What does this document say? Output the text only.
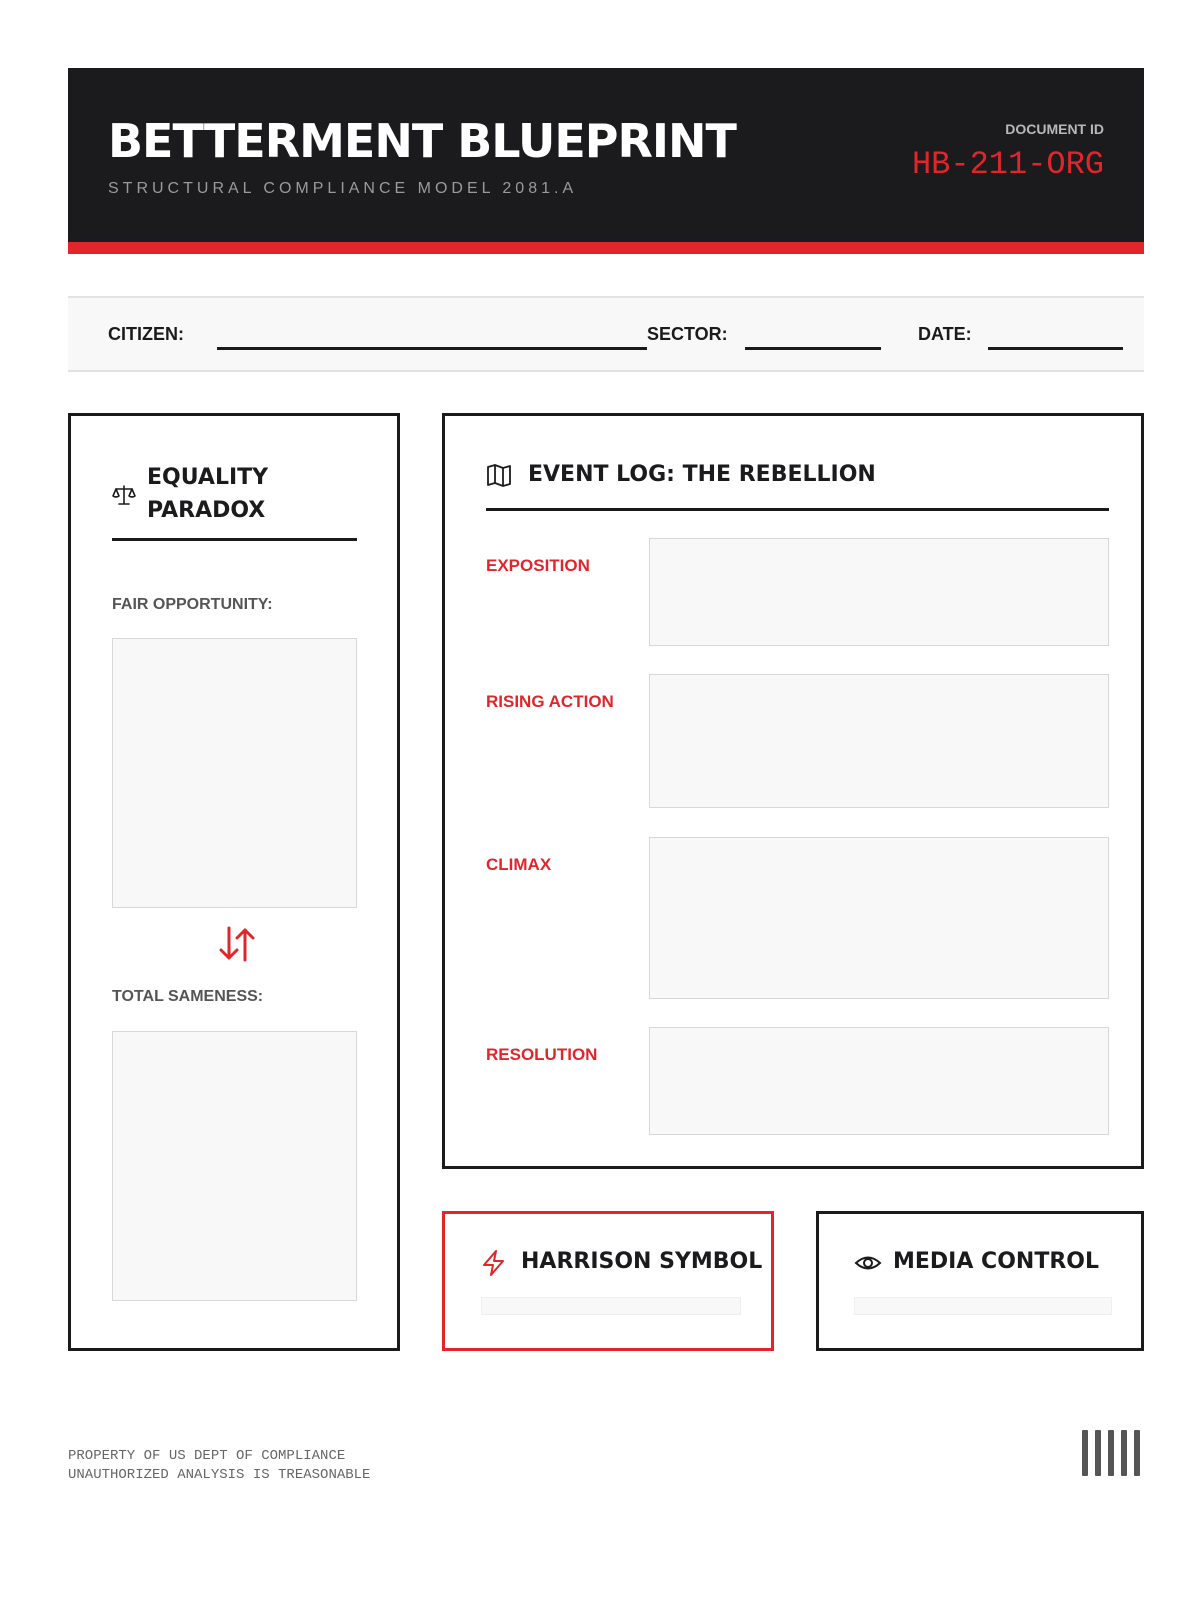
BETTERMENT BLUEPRINT
STRUCTURAL COMPLIANCE MODEL 2081.A
DOCUMENT ID
HB-211-ORG
CITIZEN:	SECTOR:	DATE:
EQUALITY
PARADOX
FAIR OPPORTUNITY:
TOTAL SAMENESS:
EVENT LOG: THE REBELLION
EXPOSITION
RISING ACTION
CLIMAX
RESOLUTION
HARRISON SYMBOL	MEDIA CONTROL
PROPERTY OF US DEPT OF COMPLIANCE
UNAUTHORIZED ANALYSIS IS TREASONABLE
